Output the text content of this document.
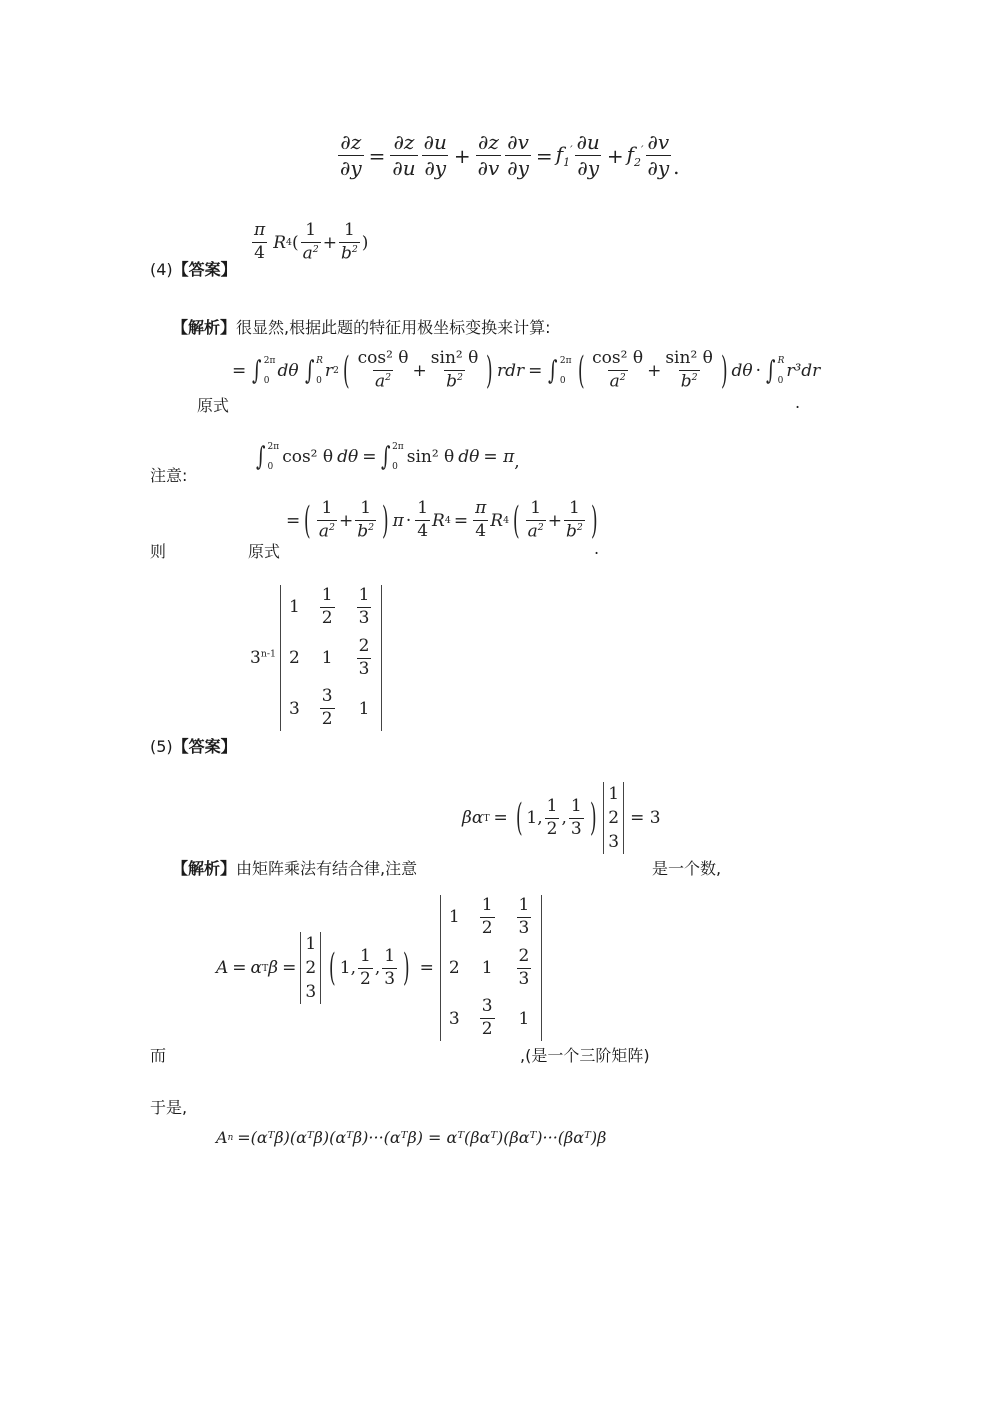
$\frac{\partial z}{\partial y} = \frac{\partial z}{\partial u} \frac{\partial u}{\partial y} + \frac{\partial z}{\partial v} \frac{\partial v}{\partial y} = f_1' \frac{\partial u}{\partial y} + f_2' \frac{\partial v}{\partial y}$ .
(4)【答案】
$\frac{\pi}{4}$ R 4 ( $\frac{1}{a^2} + \frac{1}{b^2}$ )
【解析】很显然,根据此题的特征用极坐标变换来计算:
原式
= ∫ 2π
0 dθ ∫ R
0 r 2 ( $\frac{\text{cos² θ}}{a^2} + \frac{\text{sin² θ}}{b^2}$ ) rdr = ∫ 2π
0 ( $\frac{\text{cos² θ}}{a^2} + \frac{\text{sin² θ}}{b^2}$ ) dθ · ∫ R
0 r³dr
.
注意:
∫ 2π
0 cos² θ dθ = ∫ 2π
0 sin² θ dθ = π ,
则	原式
= ( $\frac{1}{a^2} + \frac{1}{b^2}$ ) $\pi \cdot \frac{1}{4}$ R $4 = \frac{\pi}{4}$ R 4 ( $\frac{1}{a^2} + \frac{1}{b^2}$ )
.
3$^{n-1}$
$1 \frac{1}{2} \frac{1}{3}$
2 $1 \frac{2}{3}$
$3 \frac{3}{2} 1$
(5)【答案】
βα T = ( 1 , $\frac{1}{2}$ , $\frac{1}{3}$ )
1
2
3
= 3
【解析】由矩阵乘法有结合律,注意	是一个数,
A = α T β =
1
2
3
( 1 , $\frac{1}{2}$ , $\frac{1}{3}$ ) =
$1 \frac{1}{2} \frac{1}{3}$
2 $1 \frac{2}{3}$
$3 \frac{3}{2} 1$
而	,(是一个三阶矩阵)
于是,
A n =(αᵀβ)(αᵀβ)(αᵀβ)···(αᵀβ) = αᵀ(βαᵀ)(βαᵀ)···(βαᵀ)β
